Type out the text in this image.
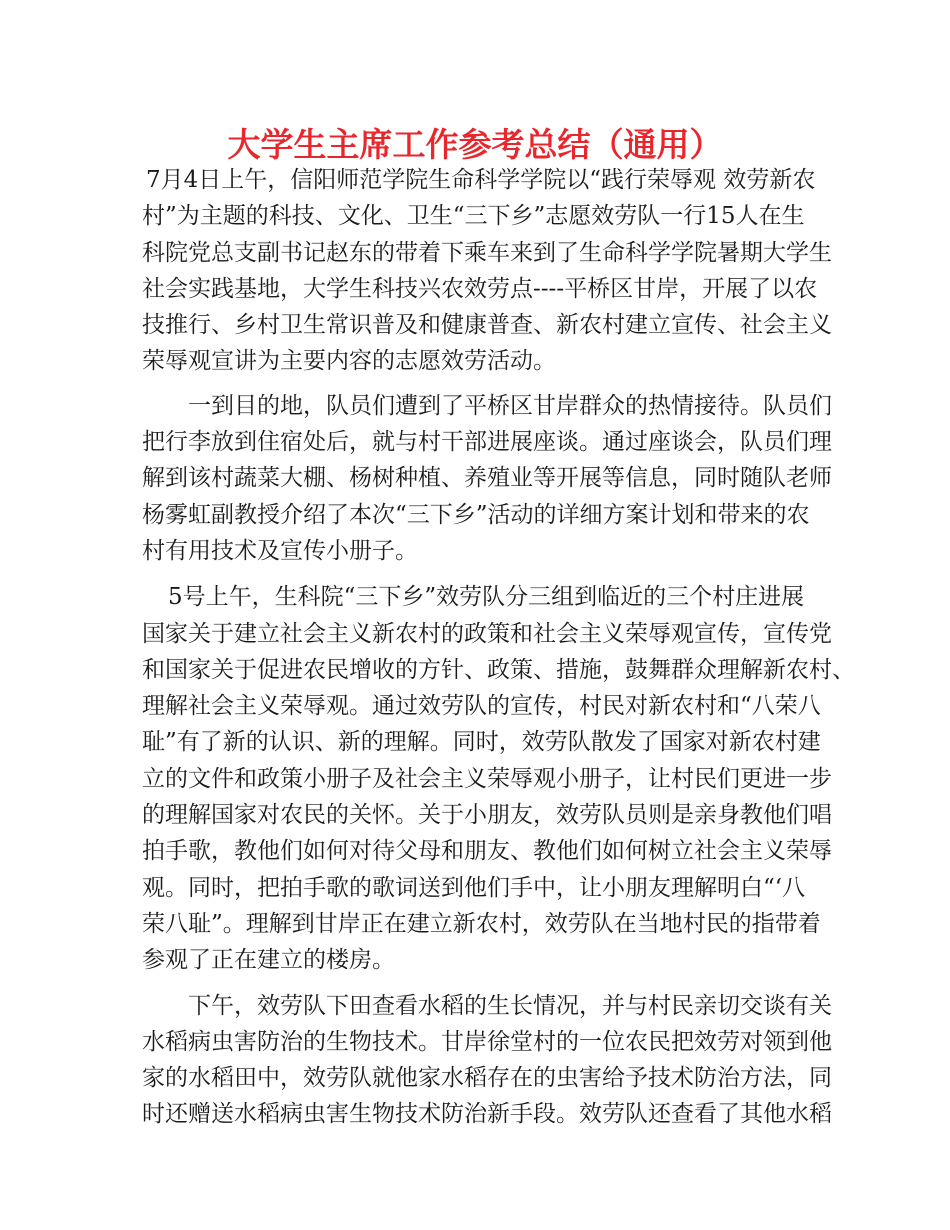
大学生主席工作参考总结（通用）
7月4日上午，信阳师范学院生命科学学院以“践行荣辱观 效劳新农
村”为主题的科技、文化、卫生“三下乡”志愿效劳队一行15人在生
科院党总支副书记赵东的带着下乘车来到了生命科学学院暑期大学生
社会实践基地，大学生科技兴农效劳点----平桥区甘岸，开展了以农
技推行、乡村卫生常识普及和健康普查、新农村建立宣传、社会主义
荣辱观宣讲为主要内容的志愿效劳活动。
一到目的地，队员们遭到了平桥区甘岸群众的热情接待。队员们
把行李放到住宿处后，就与村干部进展座谈。通过座谈会，队员们理
解到该村蔬菜大棚、杨树种植、养殖业等开展等信息，同时随队老师
杨雾虹副教授介绍了本次“三下乡”活动的详细方案计划和带来的农
村有用技术及宣传小册子。
5号上午，生科院“三下乡”效劳队分三组到临近的三个村庄进展
国家关于建立社会主义新农村的政策和社会主义荣辱观宣传，宣传党
和国家关于促进农民增收的方针、政策、措施，鼓舞群众理解新农村、
理解社会主义荣辱观。通过效劳队的宣传，村民对新农村和“八荣八
耻”有了新的认识、新的理解。同时，效劳队散发了国家对新农村建
立的文件和政策小册子及社会主义荣辱观小册子，让村民们更进一步
的理解国家对农民的关怀。关于小朋友，效劳队员则是亲身教他们唱
拍手歌，教他们如何对待父母和朋友、教他们如何树立社会主义荣辱
观。同时，把拍手歌的歌词送到他们手中，让小朋友理解明白“‘八
荣八耻”。理解到甘岸正在建立新农村，效劳队在当地村民的指带着
参观了正在建立的楼房。
下午，效劳队下田查看水稻的生长情况，并与村民亲切交谈有关
水稻病虫害防治的生物技术。甘岸徐堂村的一位农民把效劳对领到他
家的水稻田中，效劳队就他家水稻存在的虫害给予技术防治方法，同
时还赠送水稻病虫害生物技术防治新手段。效劳队还查看了其他水稻
